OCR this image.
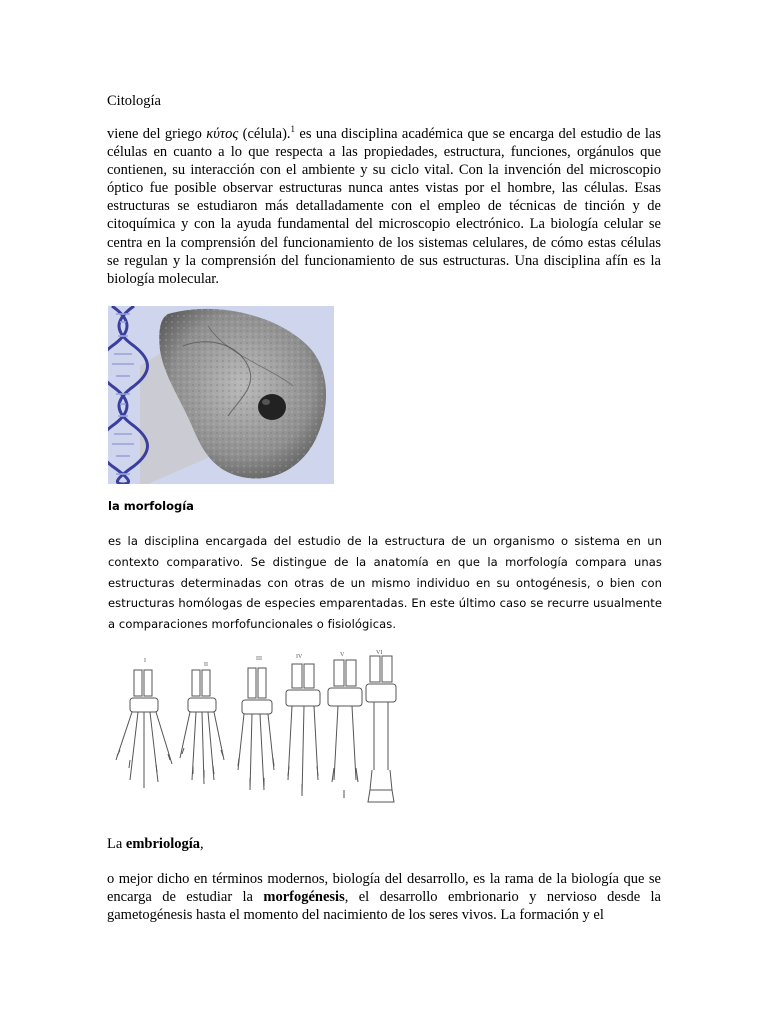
Citología

viene del griego κύτος (célula).$^1$ es una disciplina académica que se encarga del estudio de las células en cuanto a lo que respecta a las propiedades, estructura, funciones, orgánulos que contienen, su interacción con el ambiente y su ciclo vital. Con la invención del microscopio óptico fue posible observar estructuras nunca antes vistas por el hombre, las células. Esas estructuras se estudiaron más detalladamente con el empleo de técnicas de tinción y de citoquímica y con la ayuda fundamental del microscopio electrónico. La biología celular se centra en la comprensión del funcionamiento de los sistemas celulares, de cómo estas células se regulan y la comprensión del funcionamiento de sus estructuras. Una disciplina afín es la biología molecular.

la morfología

es la disciplina encargada del estudio de la estructura de un organismo o sistema en un contexto comparativo. Se distingue de la anatomía en que la morfología compara unas estructuras determinadas con otras de un mismo individuo en su ontogénesis, o bien con estructuras homólogas de especies emparentadas. En este último caso se recurre usualmente a comparaciones morfofuncionales o fisiológicas.

I
II
III	IV	V	VI

La embriología,

o mejor dicho en términos modernos, biología del desarrollo, es la rama de la biología que se encarga de estudiar la morfogénesis, el desarrollo embrionario y nervioso desde la gametogénesis hasta el momento del nacimiento de los seres vivos. La formación y el
